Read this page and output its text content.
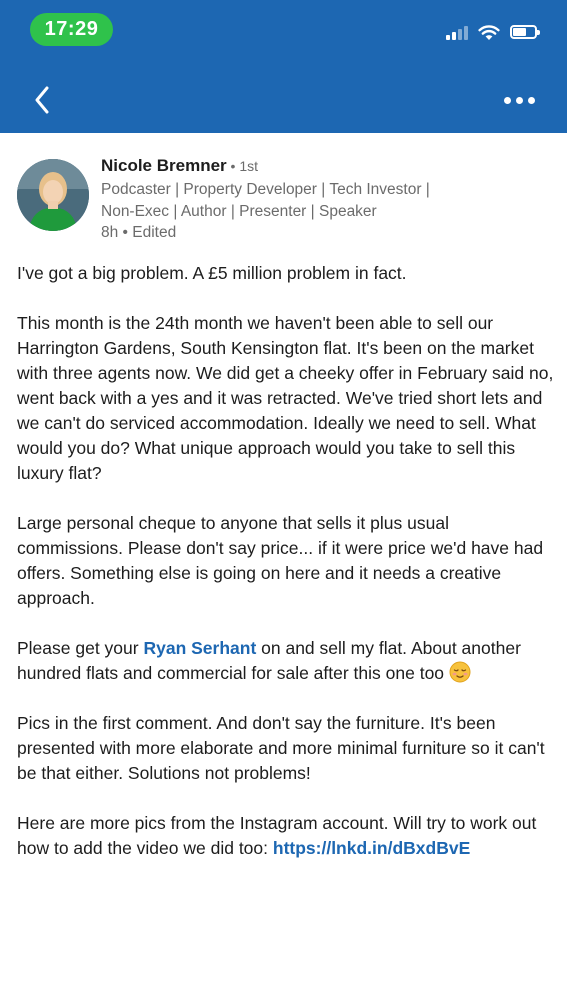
17:29
Nicole Bremner • 1st
Podcaster | Property Developer | Tech Investor |
Non-Exec | Author | Presenter | Speaker
8h • Edited

I've got a big problem. A £5 million problem in fact.

This month is the 24th month we haven't been able to sell our Harrington Gardens, South Kensington flat. It's been on the market with three agents now. We did get a cheeky offer in February said no, went back with a yes and it was retracted. We've tried short lets and we can't do serviced accommodation. Ideally we need to sell. What would you do? What unique approach would you take to sell this luxury flat?

Large personal cheque to anyone that sells it plus usual commissions. Please don't say price... if it were price we'd have had offers. Something else is going on here and it needs a creative approach.

Please get your Ryan Serhant on and sell my flat. About another hundred flats and commercial for sale after this one too

Pics in the first comment. And don't say the furniture. It's been presented with more elaborate and more minimal furniture so it can't be that either. Solutions not problems!

Here are more pics from the Instagram account. Will try to work out how to add the video we did too: https://lnkd.in/dBxdBvE
